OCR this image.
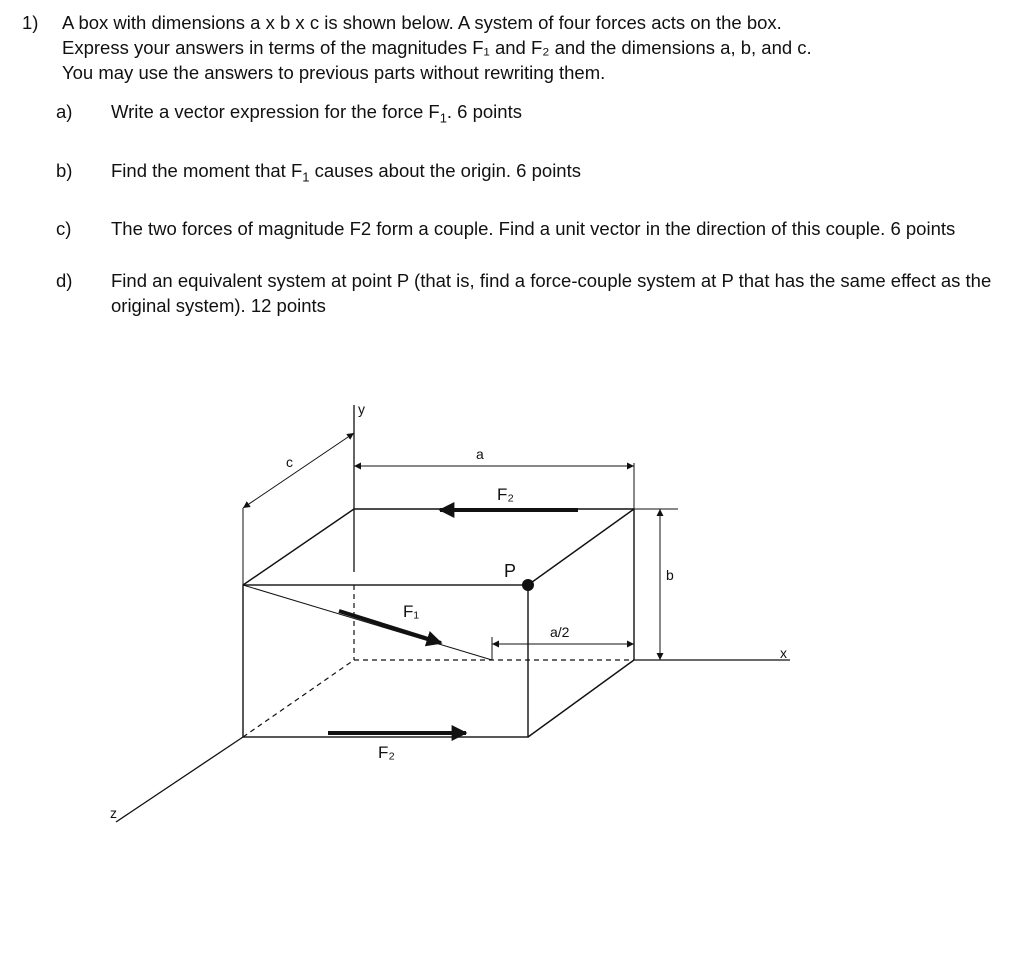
1)	A box with dimensions a x b x c is shown below. A system of four forces acts on the box.
Express your answers in terms of the magnitudes F₁ and F₂ and the dimensions a, b, and c.
You may use the answers to previous parts without rewriting them.
a)	Write a vector expression for the force $F_1$. 6 points
b)	Find the moment that $F_1$ causes about the origin. 6 points
c)	The two forces of magnitude F2 form a couple. Find a unit vector in the direction of this couple. 6 points
d)	Find an equivalent system at point P (that is, find a force-couple system at P that has the same effect as the original system). 12 points
y
x
z
c	a
b
a/2
F₂
F₂
F₁
P
